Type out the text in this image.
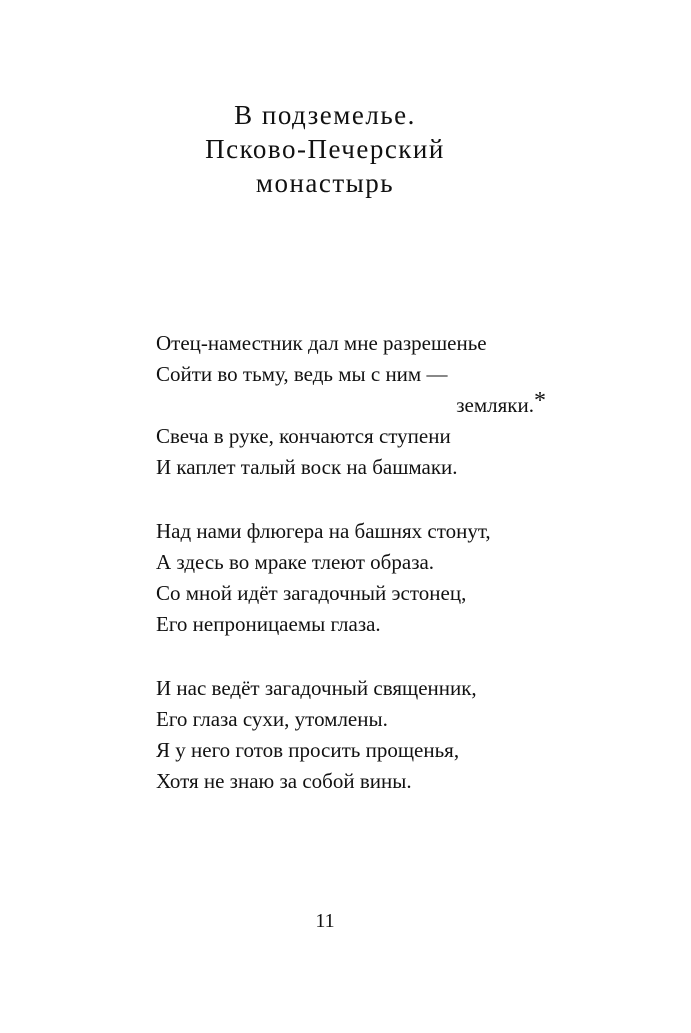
В подземелье.
Псково-Печерский
монастырь
Отец-наместник дал мне разрешенье
Сойти во тьму, ведь мы с ним —
земляки.*
Свеча в руке, кончаются ступени
И каплет талый воск на башмаки.
Над нами флюгера на башнях стонут,
А здесь во мраке тлеют образа.
Со мной идёт загадочный эстонец,
Его непроницаемы глаза.
И нас ведёт загадочный священник,
Его глаза сухи, утомлены.
Я у него готов просить прощенья,
Хотя не знаю за собой вины.
11
